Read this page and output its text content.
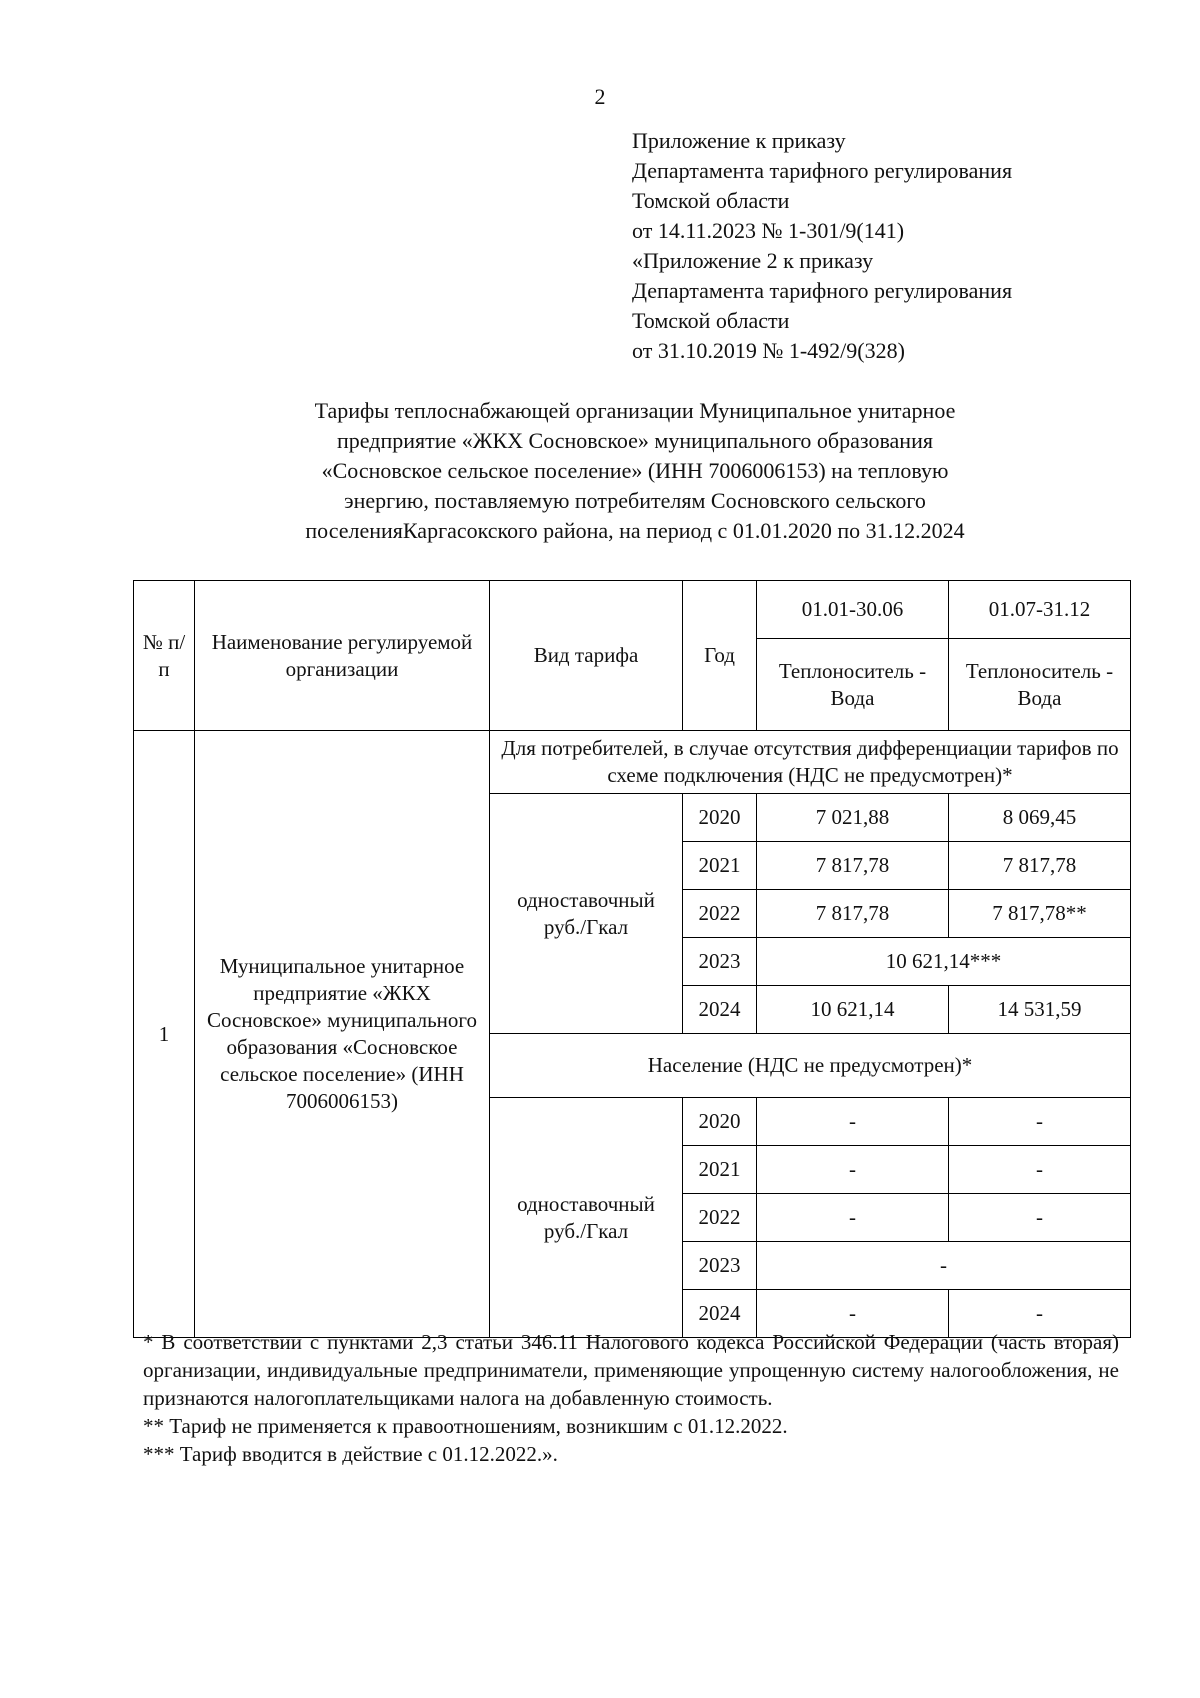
2
Приложение к приказу
Департамента тарифного регулирования
Томской области
от 14.11.2023 № 1-301/9(141)
«Приложение 2 к приказу
Департамента тарифного регулирования
Томской области
от 31.10.2019 № 1-492/9(328)
Тарифы теплоснабжающей организации Муниципальное унитарное
предприятие «ЖКХ Сосновское» муниципального образования
«Сосновское сельское поселение» (ИНН 7006006153) на тепловую
энергию, поставляемую потребителям Сосновского сельского
поселенияКаргасокского района, на период с 01.01.2020 по 31.12.2024
№ п/п	Наименование регулируемой организации	Вид тарифа	Год	01.01-30.06	01.07-31.12
				Теплоноситель - Вода	Теплоноситель - Вода
1	Муниципальное унитарное предприятие «ЖКХ Сосновское» муниципального образования «Сосновское сельское поселение» (ИНН 7006006153)	Для потребителей, в случае отсутствия дифференциации тарифов по схеме подключения (НДС не предусмотрен)*			
		одноставочный руб./Гкал	2020	7 021,88	8 069,45
			2021	7 817,78	7 817,78
			2022	7 817,78	7 817,78**
			2023	10 621,14***	
			2024	10 621,14	14 531,59
		Население (НДС не предусмотрен)*			
		одноставочный руб./Гкал	2020	-	-
			2021	-	-
			2022	-	-
			2023	-	
			2024	-	-
* В соответствии с пунктами 2,3 статьи 346.11 Налогового кодекса Российской Федерации (часть вторая) организации, индивидуальные предприниматели, применяющие упрощенную систему налогообложения, не признаются налогоплательщиками налога на добавленную стоимость.
** Тариф не применяется к правоотношениям, возникшим с 01.12.2022.
*** Тариф вводится в действие с 01.12.2022.».
